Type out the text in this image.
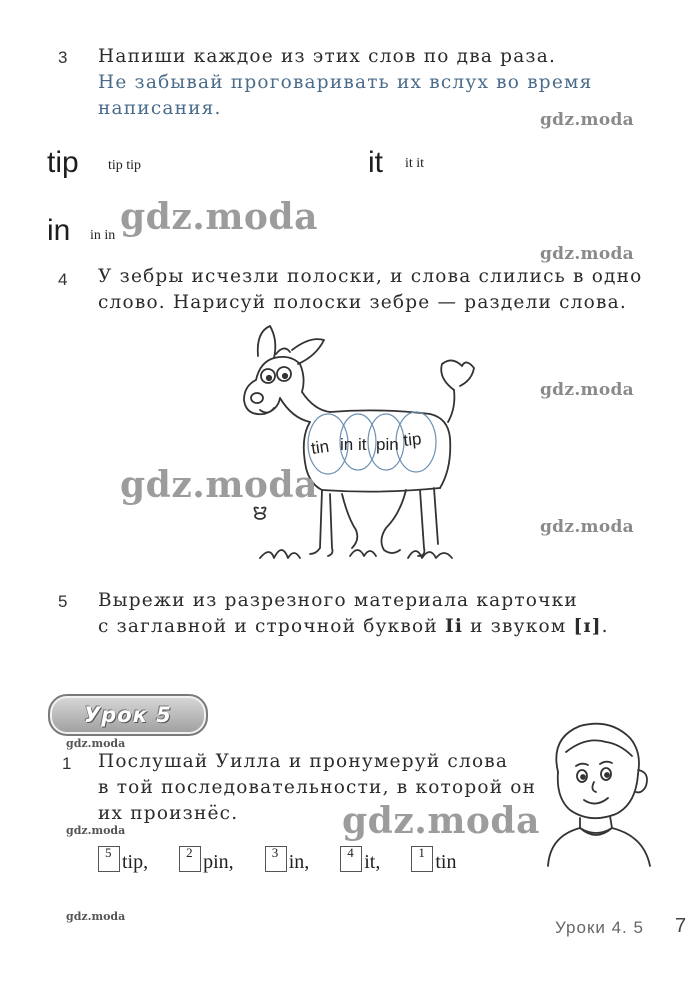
3 Напиши каждое из этих слов по два раза.
Не забывай проговаривать их вслух во время
написания.
tip tip tip	it it it
in in in
4 У зебры исчезли полоски, и слова слились в одно
слово. Нарисуй полоски зебре — раздели слова.
tin in it pin tip
5 Вырежи из разрезного материала карточки
с заглавной и строчной буквой Ii и звуком [ɪ].
Урок 5
1 Послушай Уилла и пронумеруй слова
в той последовательности, в которой он
их произнёс.
5 tip,	2 pin,	3 in,	4 it,	1 tin
gdz.moda
gdz.moda
gdz.moda
gdz.moda
gdz.moda
gdz.moda
gdz.moda
gdz.moda	gdz.moda
gdz.moda
Уроки 4. 5 7
